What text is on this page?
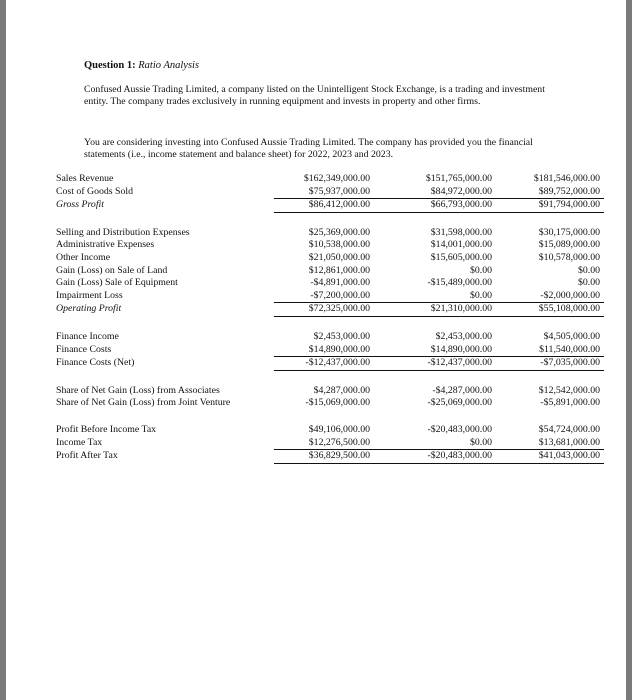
Question 1: Ratio Analysis
Confused Aussie Trading Limited, a company listed on the Unintelligent Stock Exchange, is a trading and investment entity. The company trades exclusively in running equipment and invests in property and other firms.
You are considering investing into Confused Aussie Trading Limited. The company has provided you the financial statements (i.e., income statement and balance sheet) for 2022, 2023 and 2023.
Sales Revenue	$162,349,000.00	$151,765,000.00	$181,546,000.00
Cost of Goods Sold	$75,937,000.00	$84,972,000.00	$89,752,000.00
Gross Profit	$86,412,000.00	$66,793,000.00	$91,794,000.00

Selling and Distribution Expenses	$25,369,000.00	$31,598,000.00	$30,175,000.00
Administrative Expenses	$10,538,000.00	$14,001,000.00	$15,089,000.00
Other Income	$21,050,000.00	$15,605,000.00	$10,578,000.00
Gain (Loss) on Sale of Land	$12,861,000.00	$0.00	$0.00
Gain (Loss) Sale of Equipment	-$4,891,000.00	-$15,489,000.00	$0.00
Impairment Loss	-$7,200,000.00	$0.00	-$2,000,000.00
Operating Profit	$72,325,000.00	$21,310,000.00	$55,108,000.00

Finance Income	$2,453,000.00	$2,453,000.00	$4,505,000.00
Finance Costs	$14,890,000.00	$14,890,000.00	$11,540,000.00
Finance Costs (Net)	-$12,437,000.00	-$12,437,000.00	-$7,035,000.00

Share of Net Gain (Loss) from Associates	$4,287,000.00	-$4,287,000.00	$12,542,000.00
Share of Net Gain (Loss) from Joint Venture	-$15,069,000.00	-$25,069,000.00	-$5,891,000.00

Profit Before Income Tax	$49,106,000.00	-$20,483,000.00	$54,724,000.00
Income Tax	$12,276,500.00	$0.00	$13,681,000.00
Profit After Tax	$36,829,500.00	-$20,483,000.00	$41,043,000.00
